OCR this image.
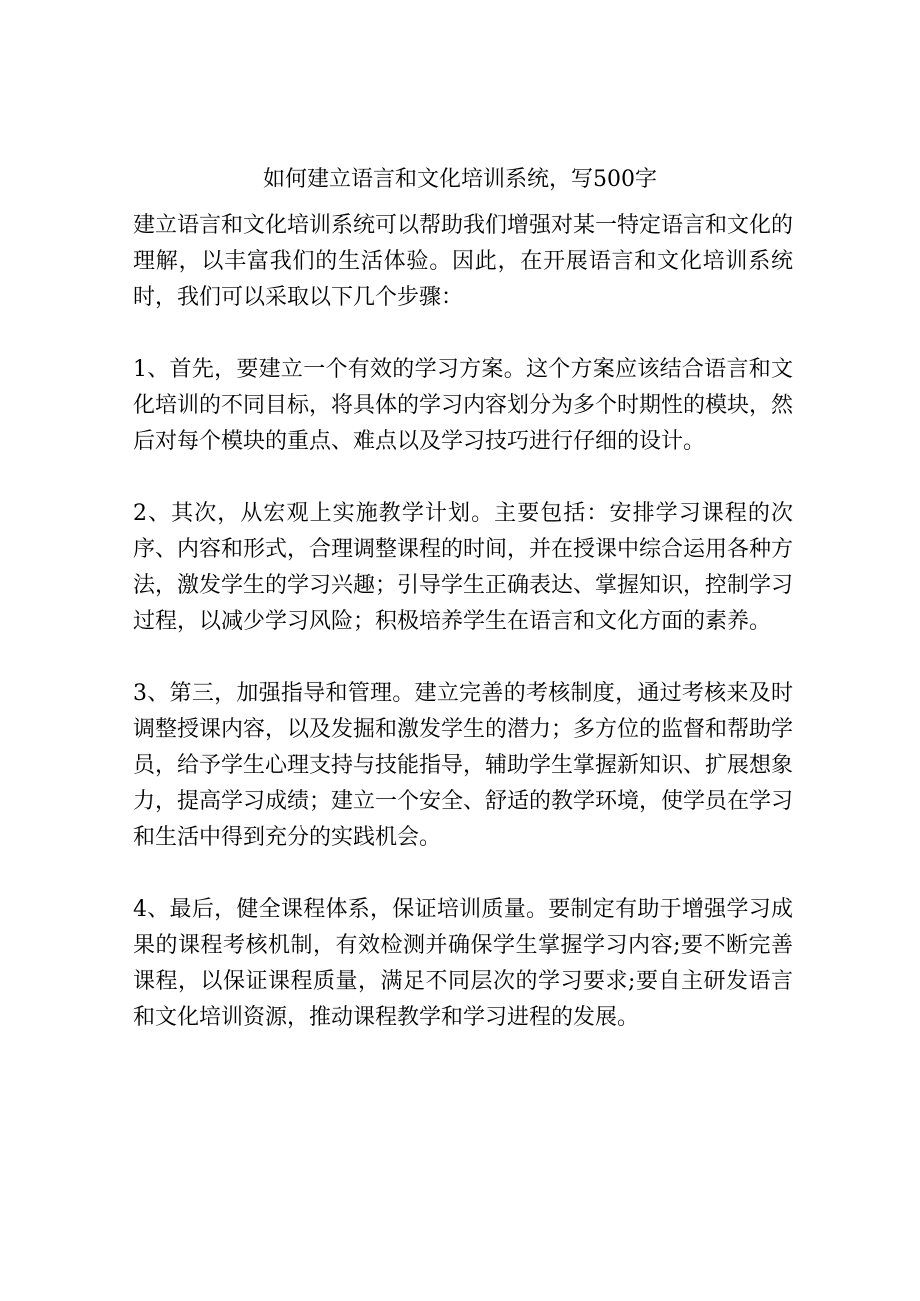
如何建立语言和文化培训系统，写500字

建立语言和文化培训系统可以帮助我们增强对某一特定语言和文化的理解，以丰富我们的生活体验。因此，在开展语言和文化培训系统时，我们可以采取以下几个步骤：

1、首先，要建立一个有效的学习方案。这个方案应该结合语言和文化培训的不同目标，将具体的学习内容划分为多个时期性的模块，然后对每个模块的重点、难点以及学习技巧进行仔细的设计。

2、其次，从宏观上实施教学计划。主要包括：安排学习课程的次序、内容和形式，合理调整课程的时间，并在授课中综合运用各种方法，激发学生的学习兴趣；引导学生正确表达、掌握知识，控制学习过程，以减少学习风险；积极培养学生在语言和文化方面的素养。

3、第三，加强指导和管理。建立完善的考核制度，通过考核来及时调整授课内容，以及发掘和激发学生的潜力；多方位的监督和帮助学员，给予学生心理支持与技能指导，辅助学生掌握新知识、扩展想象力，提高学习成绩；建立一个安全、舒适的教学环境，使学员在学习和生活中得到充分的实践机会。

4、最后，健全课程体系，保证培训质量。要制定有助于增强学习成果的课程考核机制，有效检测并确保学生掌握学习内容;要不断完善课程，以保证课程质量，满足不同层次的学习要求;要自主研发语言和文化培训资源，推动课程教学和学习进程的发展。
